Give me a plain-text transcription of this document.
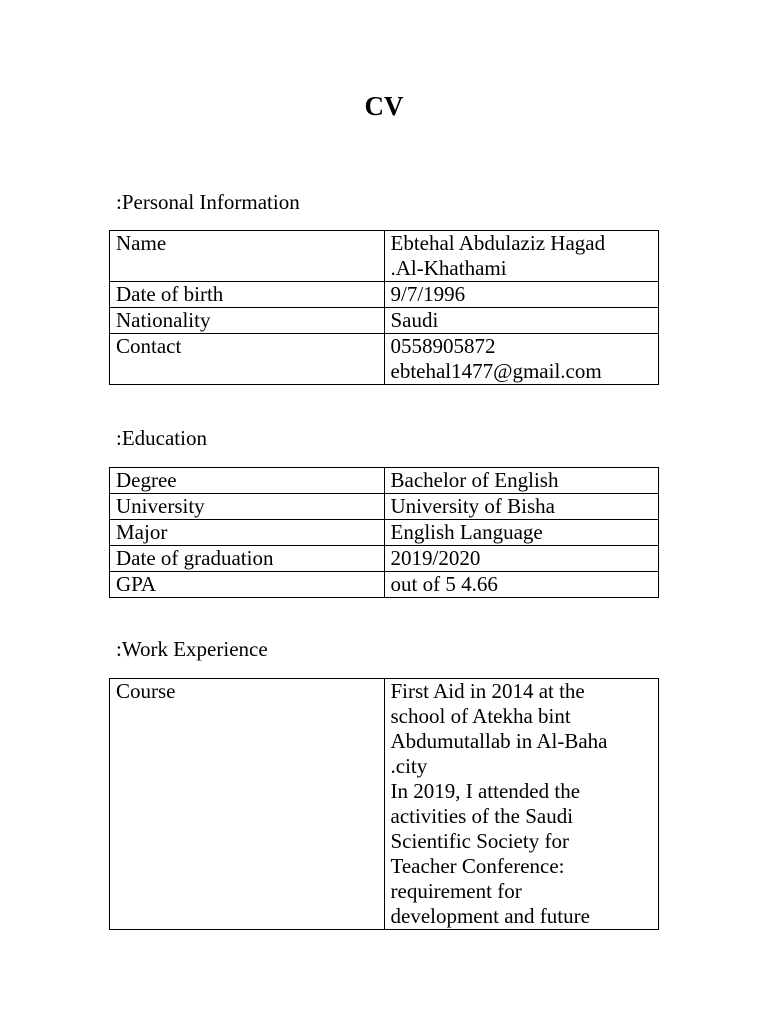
CV
:Personal Information
Name	Ebtehal Abdulaziz Hagad
.Al-Khathami

Date of birth	9/7/1996
Nationality	Saudi
Contact	0558905872
ebtehal1477@gmail.com
:Education
Degree	Bachelor of English
University	University of Bisha
Major	English Language
Date of graduation	2019/2020
GPA	out of 5 4.66
:Work Experience
Course	First Aid in 2014 at the
school of Atekha bint
Abdumutallab in Al-Baha
.city
In 2019, I attended the
activities of the Saudi
Scientific Society for
Teacher Conference:
requirement for
development and future
